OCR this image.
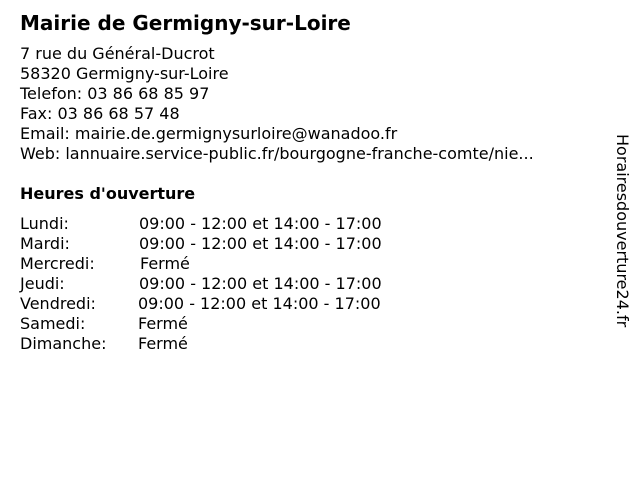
Mairie de Germigny-sur-Loire
7 rue du Général-Ducrot
58320 Germigny-sur-Loire
Telefon: 03 86 68 85 97
Fax: 03 86 68 57 48
Email: mairie.de.germignysurloire@wanadoo.fr
Web: lannuaire.service-public.fr/bourgogne-franche-comte/nie...
Heures d'ouverture
Lundi:	09:00 - 12:00 et 14:00 - 17:00
Mardi:	09:00 - 12:00 et 14:00 - 17:00
Mercredi:	Fermé
Jeudi:	09:00 - 12:00 et 14:00 - 17:00
Vendredi:	09:00 - 12:00 et 14:00 - 17:00
Samedi:	Fermé
Dimanche: Fermé
Horairesdouverture24.fr
